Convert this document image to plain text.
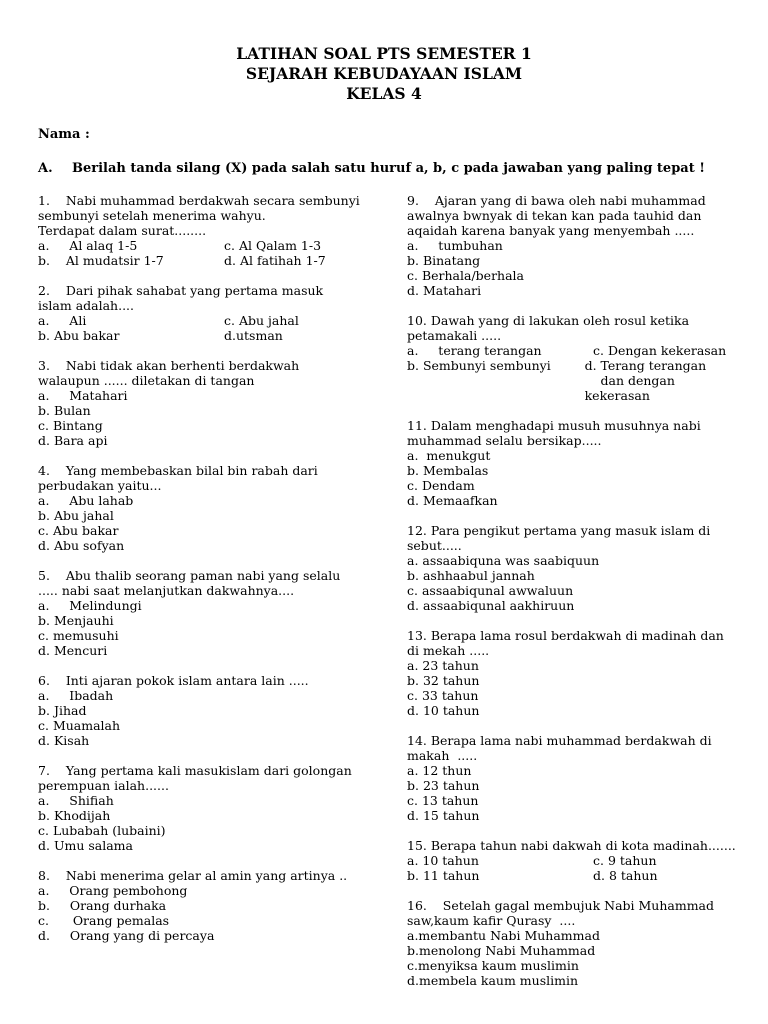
LATIHAN SOAL PTS SEMESTER 1
SEJARAH KEBUDAYAAN ISLAM
KELAS 4
Nama :
A. Berilah tanda silang (X) pada salah satu huruf a, b, c pada jawaban yang paling tepat !
1.    Nabi muhammad berdakwah secara sembunyi sembunyi setelah menerima wahyu.
Terdapat dalam surat........
a.     Al alaq 1-5	c. Al Qalam 1-3
b.    Al mudatsir 1-7	d. Al fatihah 1-7
2.    Dari pihak sahabat yang pertama masuk islam adalah....
a.     Ali	c. Abu jahal
b. Abu bakar	d.utsman
3.    Nabi tidak akan berhenti berdakwah walaupun ...... diletakan di tangan
a.     Matahari
b. Bulan
c. Bintang
d. Bara api
4.    Yang membebaskan bilal bin rabah dari perbudakan yaitu...
a.     Abu lahab
b. Abu jahal
c. Abu bakar
d. Abu sofyan
5.    Abu thalib seorang paman nabi yang selalu ..... nabi saat melanjutkan dakwahnya....
a.     Melindungi
b. Menjauhi
c. memusuhi
d. Mencuri
6.    Inti ajaran pokok islam antara lain .....
a.     Ibadah
b. Jihad
c. Muamalah
d. Kisah
7.    Yang pertama kali masukislam dari golongan perempuan ialah......
a.     Shifiah
b. Khodijah
c. Lubabah (lubaini)
d. Umu salama
8.    Nabi menerima gelar al amin yang artinya ..
a.     Orang pembohong
b.     Orang durhaka
c.      Orang pemalas
d.     Orang yang di percaya
9.    Ajaran yang di bawa oleh nabi muhammad awalnya bwnyak di tekan kan pada tauhid dan aqaidah karena banyak yang menyembah .....
a.     tumbuhan
b. Binatang
c. Berhala/berhala
d. Matahari
10. Dawah yang di lakukan oleh rosul ketika petamakali .....
a.     terang terangan	c. Dengan kekerasan
b. Sembunyi sembunyi	d. Terang terangan
dan dengan kekerasan
11. Dalam menghadapi musuh musuhnya nabi muhammad selalu bersikap.....
a.  menukgut
b. Membalas
c. Dendam
d. Memaafkan
12. Para pengikut pertama yang masuk islam di sebut.....
a. assaabiquna was saabiquun
b. ashhaabul jannah
c. assaabiqunal awwaluun
d. assaabiqunal aakhiruun
13. Berapa lama rosul berdakwah di madinah dan di mekah .....
a. 23 tahun
b. 32 tahun
c. 33 tahun
d. 10 tahun
14. Berapa lama nabi muhammad berdakwah di makah  .....
a. 12 thun
b. 23 tahun
c. 13 tahun
d. 15 tahun
15. Berapa tahun nabi dakwah di kota madinah.......
a. 10 tahun	c. 9 tahun
b. 11 tahun	d. 8 tahun
16.    Setelah gagal membujuk Nabi Muhammad saw,kaum kafir Qurasy  ....
a.membantu Nabi Muhammad
b.menolong Nabi Muhammad
c.menyiksa kaum muslimin
d.membela kaum muslimin
